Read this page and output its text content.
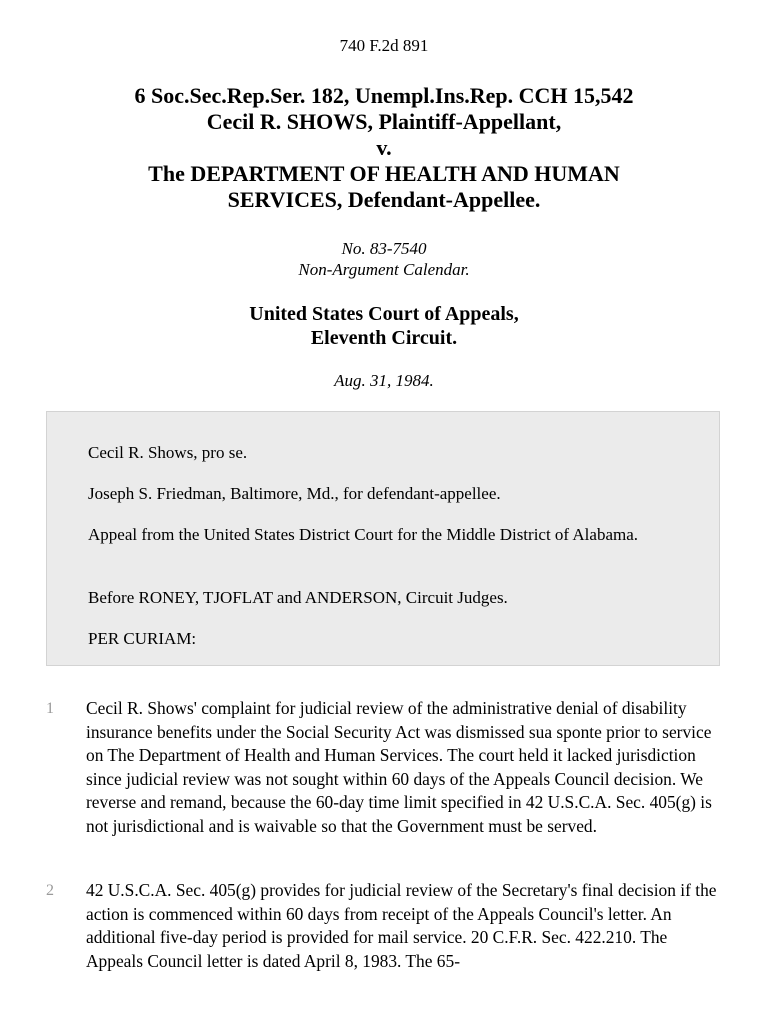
740 F.2d 891
6 Soc.Sec.Rep.Ser. 182, Unempl.Ins.Rep. CCH 15,542
Cecil R. SHOWS, Plaintiff-Appellant,
v.
The DEPARTMENT OF HEALTH AND HUMAN
SERVICES, Defendant-Appellee.
No. 83-7540
Non-Argument Calendar.
United States Court of Appeals,
Eleventh Circuit.
Aug. 31, 1984.

Cecil R. Shows, pro se.

Joseph S. Friedman, Baltimore, Md., for defendant-appellee.

Appeal from the United States District Court for the Middle District of Alabama.

Before RONEY, TJOFLAT and ANDERSON, Circuit Judges.

PER CURIAM:

1 Cecil R. Shows' complaint for judicial review of the administrative denial of disability insurance benefits under the Social Security Act was dismissed sua sponte prior to service on The Department of Health and Human Services. The court held it lacked jurisdiction since judicial review was not sought within 60 days of the Appeals Council decision. We reverse and remand, because the 60-day time limit specified in 42 U.S.C.A. Sec. 405(g) is not jurisdictional and is waivable so that the Government must be served.

2 42 U.S.C.A. Sec. 405(g) provides for judicial review of the Secretary's final decision if the action is commenced within 60 days from receipt of the Appeals Council's letter. An additional five-day period is provided for mail service. 20 C.F.R. Sec. 422.210. The Appeals Council letter is dated April 8, 1983. The 65-
